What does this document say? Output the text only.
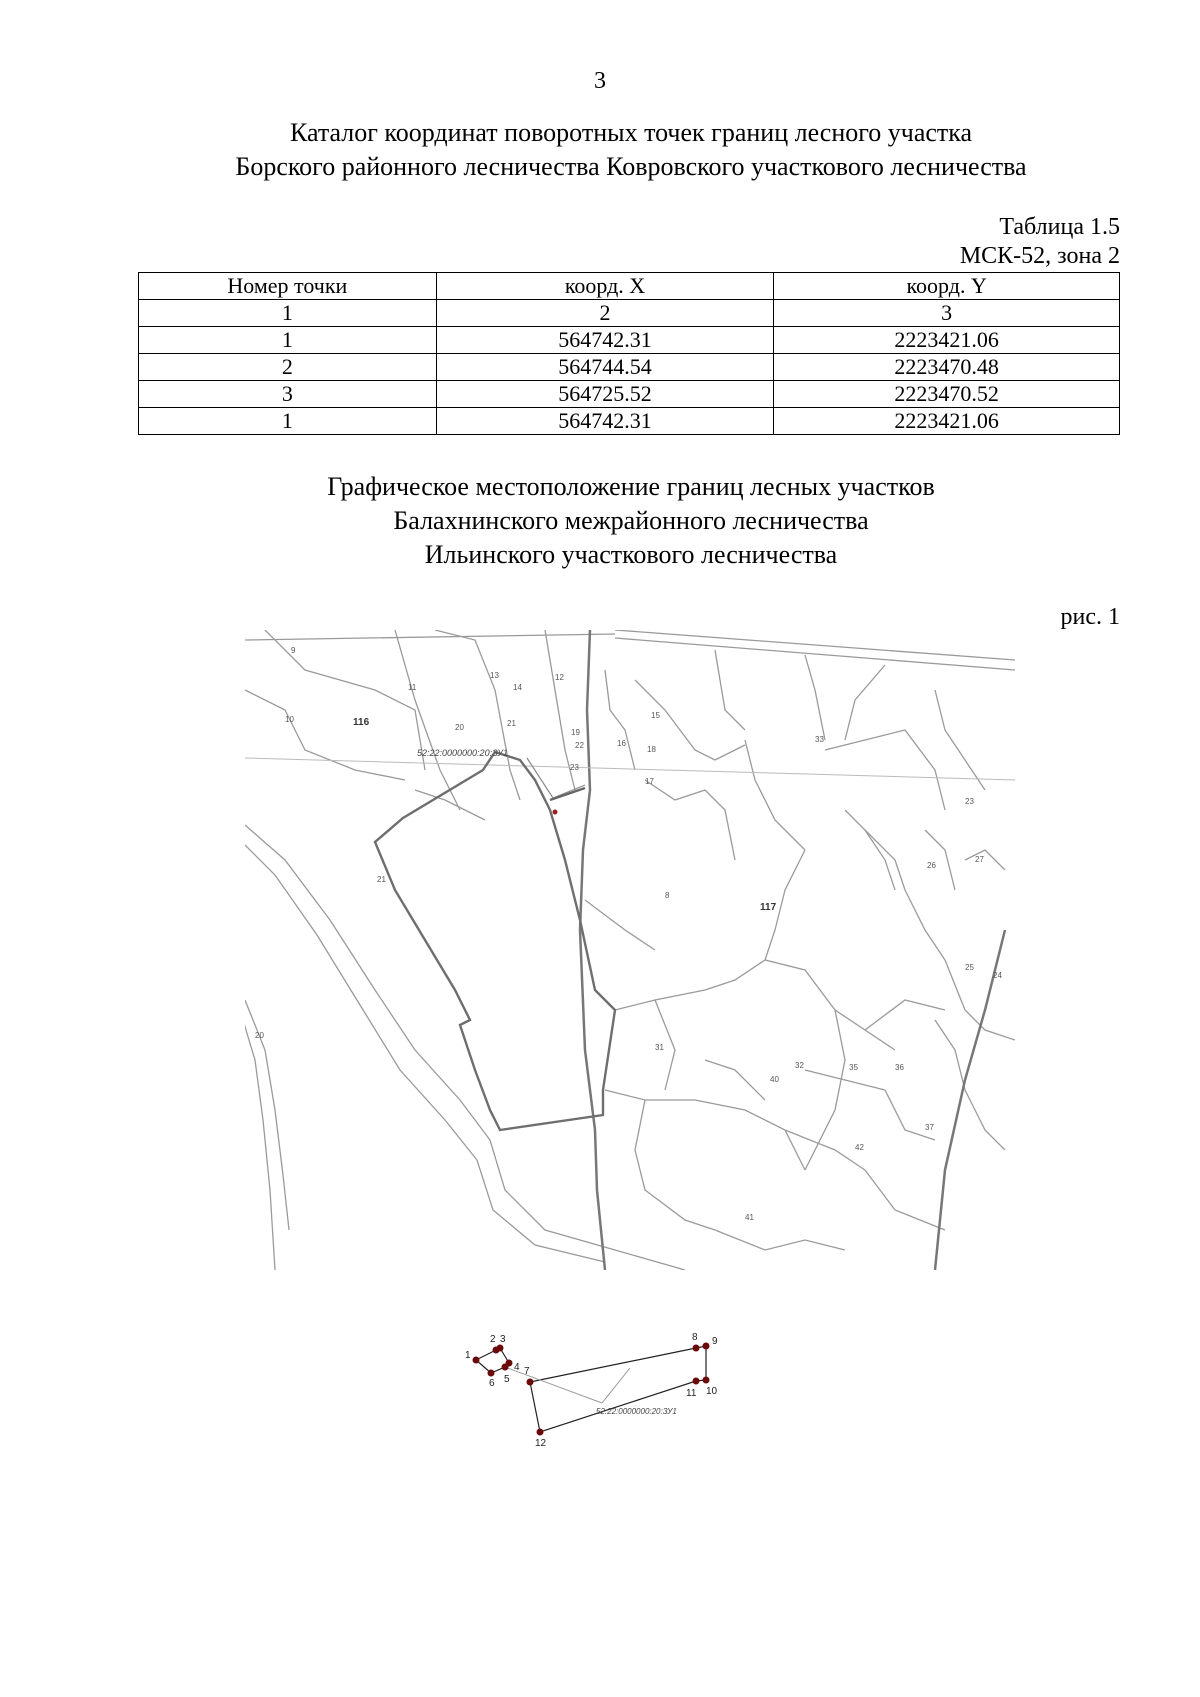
3
Каталог координат поворотных точек границ лесного участка
Борского районного лесничества Ковровского участкового лесничества
Таблица 1.5
МСК-52, зона 2
Номер точки	коорд. X	коорд. Y
1	2	3
1	564742.31	2223421.06
2	564744.54	2223470.48
3	564725.52	2223470.52
1	564742.31	2223421.06
Графическое местоположение границ лесных участков
Балахнинского межрайонного лесничества
Ильинского участкового лесничества
рис. 1
116
117
52:22:0000000:20:ЗУ1
13
11
10
12
9
14
20	21
22
23
17
15
16
19
18
33
23
26
27
24
25
31
32	35	36
37
20
21
8
40
41
42
1
2 3
4
5
6
7
8 9
10
11
12
52:22:0000000:20:ЗУ1
